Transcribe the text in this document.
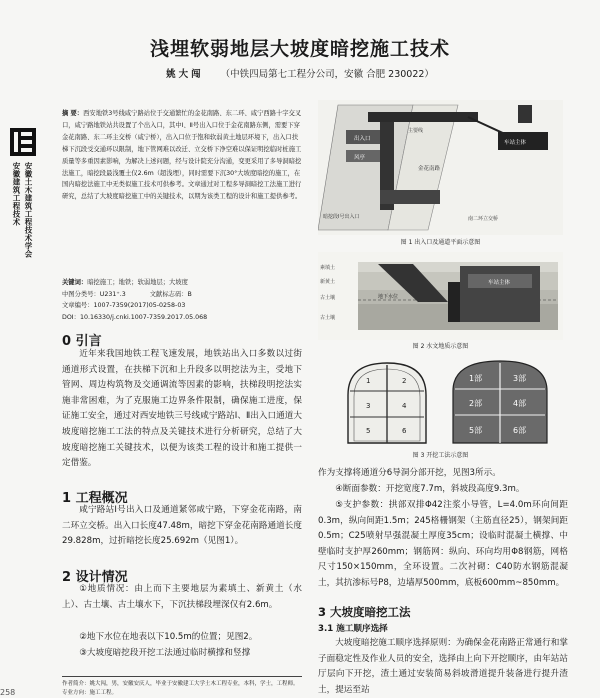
浅埋软弱地层大坡度暗挖施工技术
姚大闯 （中铁四局第七工程分公司，安徽 合肥 230022）
安徽建筑工程技术 安徽土木建筑工程技术学会
摘 要：西安地铁3号线咸宁路站位于交通繁忙的金花南路、东二环、咸宁西路十字交叉口，咸宁路地铁站共设置了个出入口，其中Ⅰ、Ⅱ号出入口位于金花南路东侧，需要下穿金花南路、东二环主交桥（咸宁桥），出入口位于饱和软弱黄土地层环境下，出入口扶梯下沉段受交通环以限制，地下管网难以改迁、立交桥下净空难以保证明挖临时桩施工质量等多重因素影响，为解决上述问题，经与设计院充分沟通，变更采用了多导洞暗挖法施工，暗挖段最浅覆土仅2.6m（超浅埋），同时需要下沉30°大坡度暗挖的施工，在国内暗挖法施工中无类似施工技术可供参考。文章通过对工程多导洞暗挖工法施工进行研究，总结了大坡度暗挖施工中的关键技术，以期为该类工程的设计和施工提供参考。
关键词：暗挖施工；地铁；软弱地层；大坡度
中图分类号：U231⁺.3	文献标志码：B
文章编号：1007-7359(2017)05-0258-03
DOI：10.16330/j.cnki.1007-7359.2017.05.068
0 引言
近年来我国地铁工程飞速发展，地铁站出入口多数以过街通道形式设置，在扶梯下沉和上升段多以明挖法为主，受地下管网、周边构筑物及交通调流等因素的影响，扶梯段明挖法实施非常困难，为了克服施工边界条件限制，确保施工进度，保证施工安全，通过对西安地铁三号线咸宁路站Ⅰ、Ⅱ出入口通道大坡度暗挖施工工法的特点及关键技术进行分析研究，总结了大坡度暗挖施工关键技术，以便为该类工程的设计和施工提供一定借鉴。
1 工程概况
咸宁路站Ⅰ号出入口及通道紧邻咸宁路，下穿金花南路，南二环立交桥。出入口长度47.48m，暗挖下穿金花南路通道长度29.828m，过折暗挖长度25.692m（见图1）。
2 设计情况
①地质情况：由上而下主要地层为素填土、新黄土（水上）、古土壤、古土壤水下，下沉扶梯段埋深仅有2.6m。
②地下水位在地表以下10.5m的位置；见图2。
③大坡度暗挖段开挖工法通过临时横撑和竖撑
出入口
风亭
金花南路
主要线
暗挖段Ⅰ号出入口
车站主体
南二环立交桥
图 1 出入口及通道平面示意图
素填土
新黄土
古土壤
古土壤
地下水位
车站主体
图 2 水文地质示意图
1	2
3	4
5	6
1部	3部
2部	4部
5部	6部
图 3 开挖工法示意图
作为支撑将通道分6导洞分部开挖，见图3所示。
④断面参数：开挖宽度7.7m，斜坡段高度9.3m。
⑤支护参数：拱部双排Φ42注浆小导管，L=4.0m环向间距0.3m，纵向间距1.5m；245格栅钢架（主筋直径25），钢架间距0.5m；C25喷射早强混凝土厚度35cm；设临时混凝土横撑、中壁临时支护厚260mm；钢筋网：纵向、环向均用Φ8钢筋，网格尺寸150×150mm，全环设置。二次衬砌：C40防水钢筋混凝土，其抗渗标号P8，边墙厚500mm，底板600mm~850mm。
3 大坡度暗挖工法
3.1 施工顺序选择
大坡度暗挖施工顺序选择原则：为确保金花南路正常通行和掌子面稳定性及作业人员的安全，选择由上向下开挖顺序，由年站站厅层向下开挖，渣土通过安装简易斜坡滑道提升装备进行提升渣土，提运至站
作者简介：姚大闯，男，安徽安庆人，毕业于安徽建工大学土木工程专业，本科，学士，工程师。专业方向：施工工程。
258
